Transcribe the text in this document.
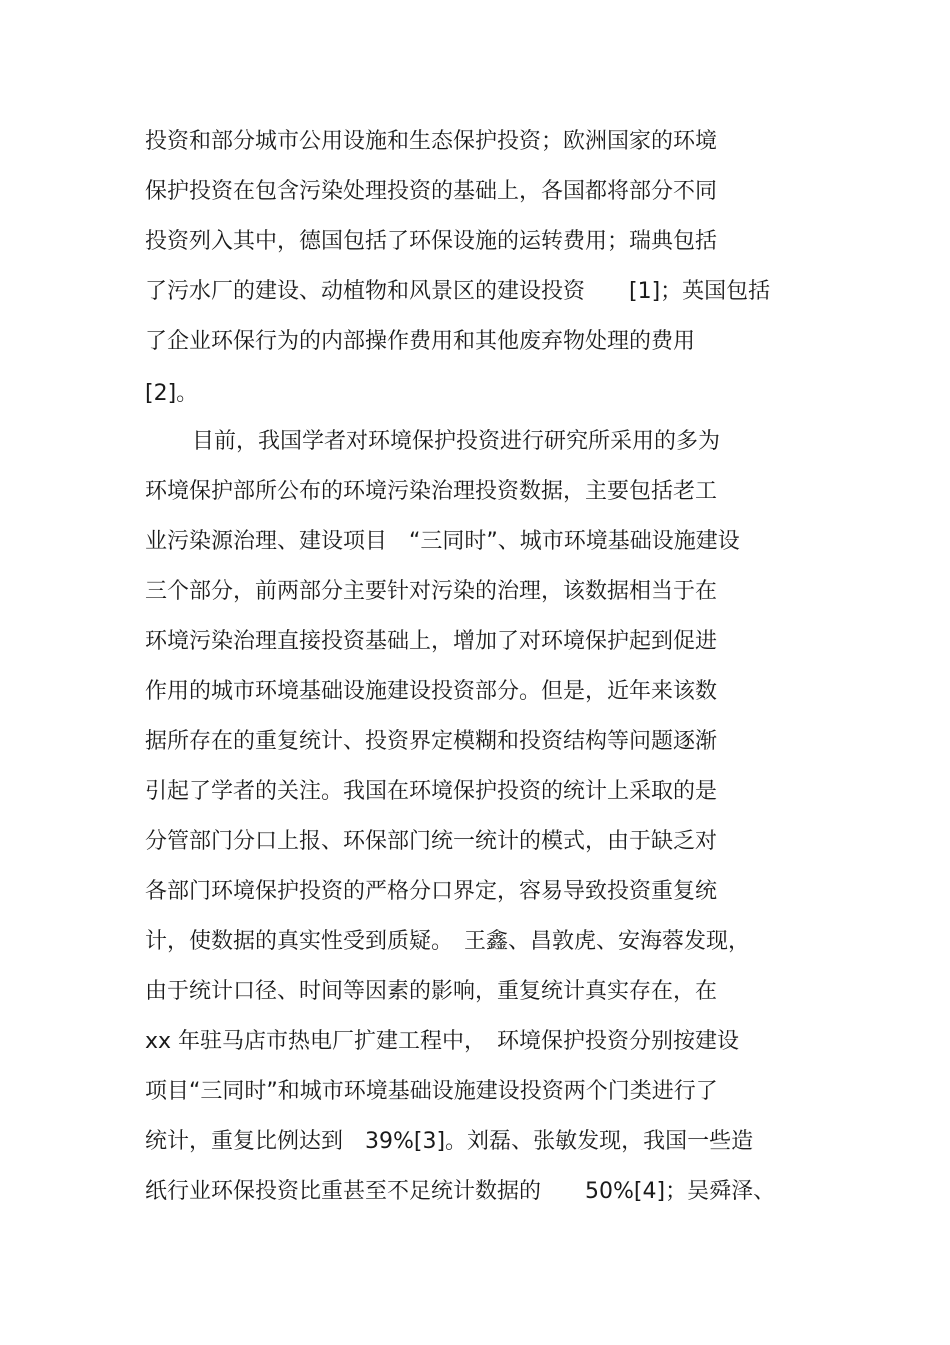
投资和部分城市公用设施和生态保护投资；欧洲国家的环境
保护投资在包含污染处理投资的基础上，各国都将部分不同
投资列入其中，德国包括了环保设施的运转费用；瑞典包括
了污水厂的建设、动植物和风景区的建设投资　　[1]；英国包括
了企业环保行为的内部操作费用和其他废弃物处理的费用
[2]。
目前，我国学者对环境保护投资进行研究所采用的多为
环境保护部所公布的环境污染治理投资数据，主要包括老工
业污染源治理、建设项目　“三同时”、城市环境基础设施建设
三个部分，前两部分主要针对污染的治理，该数据相当于在
环境污染治理直接投资基础上，增加了对环境保护起到促进
作用的城市环境基础设施建设投资部分。但是，近年来该数
据所存在的重复统计、投资界定模糊和投资结构等问题逐渐
引起了学者的关注。我国在环境保护投资的统计上采取的是
分管部门分口上报、环保部门统一统计的模式，由于缺乏对
各部门环境保护投资的严格分口界定，容易导致投资重复统
计，使数据的真实性受到质疑。　王鑫、昌敦虎、安海蓉发现，
由于统计口径、时间等因素的影响，重复统计真实存在，在
xx 年驻马店市热电厂扩建工程中，　环境保护投资分别按建设
项目“三同时”和城市环境基础设施建设投资两个门类进行了
统计，重复比例达到　39%[3]。刘磊、张敏发现，我国一些造
纸行业环保投资比重甚至不足统计数据的　　50%[4]；吴舜泽、
